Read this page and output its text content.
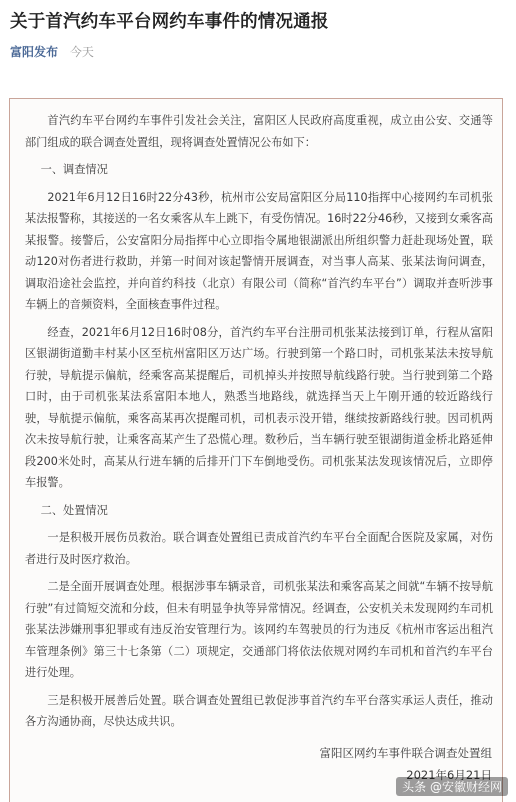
关于首汽约车平台网约车事件的情况通报
富阳发布 今天

首汽约车平台网约车事件引发社会关注，富阳区人民政府高度重视，成立由公安、交通等部门组成的联合调查处置组，现将调查处置情况公布如下：

一、调查情况

2021年6月12日16时22分43秒，杭州市公安局富阳区分局110指挥中心接网约车司机张某法报警称，其接送的一名女乘客从车上跳下，有受伤情况。16时22分46秒，又接到女乘客高某报警。接警后，公安富阳分局指挥中心立即指令属地银湖派出所组织警力赶赴现场处置，联动120对伤者进行救助，并第一时间对该起警情开展调查，对当事人高某、张某法询问调查，调取沿途社会监控，并向首约科技（北京）有限公司（简称“首汽约车平台”）调取并查听涉事车辆上的音频资料，全面核查事件过程。

经查，2021年6月12日16时08分，首汽约车平台注册司机张某法接到订单，行程从富阳区银湖街道勤丰村某小区至杭州富阳区万达广场。行驶到第一个路口时，司机张某法未按导航行驶，导航提示偏航，经乘客高某提醒后，司机掉头并按照导航线路行驶。当行驶到第二个路口时，由于司机张某法系富阳本地人，熟悉当地路线，就选择当天上午刚开通的较近路线行驶，导航提示偏航，乘客高某再次提醒司机，司机表示没开错，继续按新路线行驶。因司机两次未按导航行驶，让乘客高某产生了恐慌心理。数秒后，当车辆行驶至银湖街道金桥北路延伸段200米处时，高某从行进车辆的后排开门下车倒地受伤。司机张某法发现该情况后，立即停车报警。

二、处置情况

一是积极开展伤员救治。联合调查处置组已责成首汽约车平台全面配合医院及家属，对伤者进行及时医疗救治。

二是全面开展调查处理。根据涉事车辆录音，司机张某法和乘客高某之间就“车辆不按导航行驶”有过简短交流和分歧，但未有明显争执等异常情况。经调查，公安机关未发现网约车司机张某法涉嫌刑事犯罪或有违反治安管理行为。该网约车驾驶员的行为违反《杭州市客运出租汽车管理条例》第三十七条第（二）项规定，交通部门将依法依规对网约车司机和首汽约车平台进行处理。

三是积极开展善后处置。联合调查处置组已敦促涉事首汽约车平台落实承运人责任，推动各方沟通协商，尽快达成共识。

富阳区网约车事件联合调查处置组
2021年6月21日
头条 @安徽财经网
